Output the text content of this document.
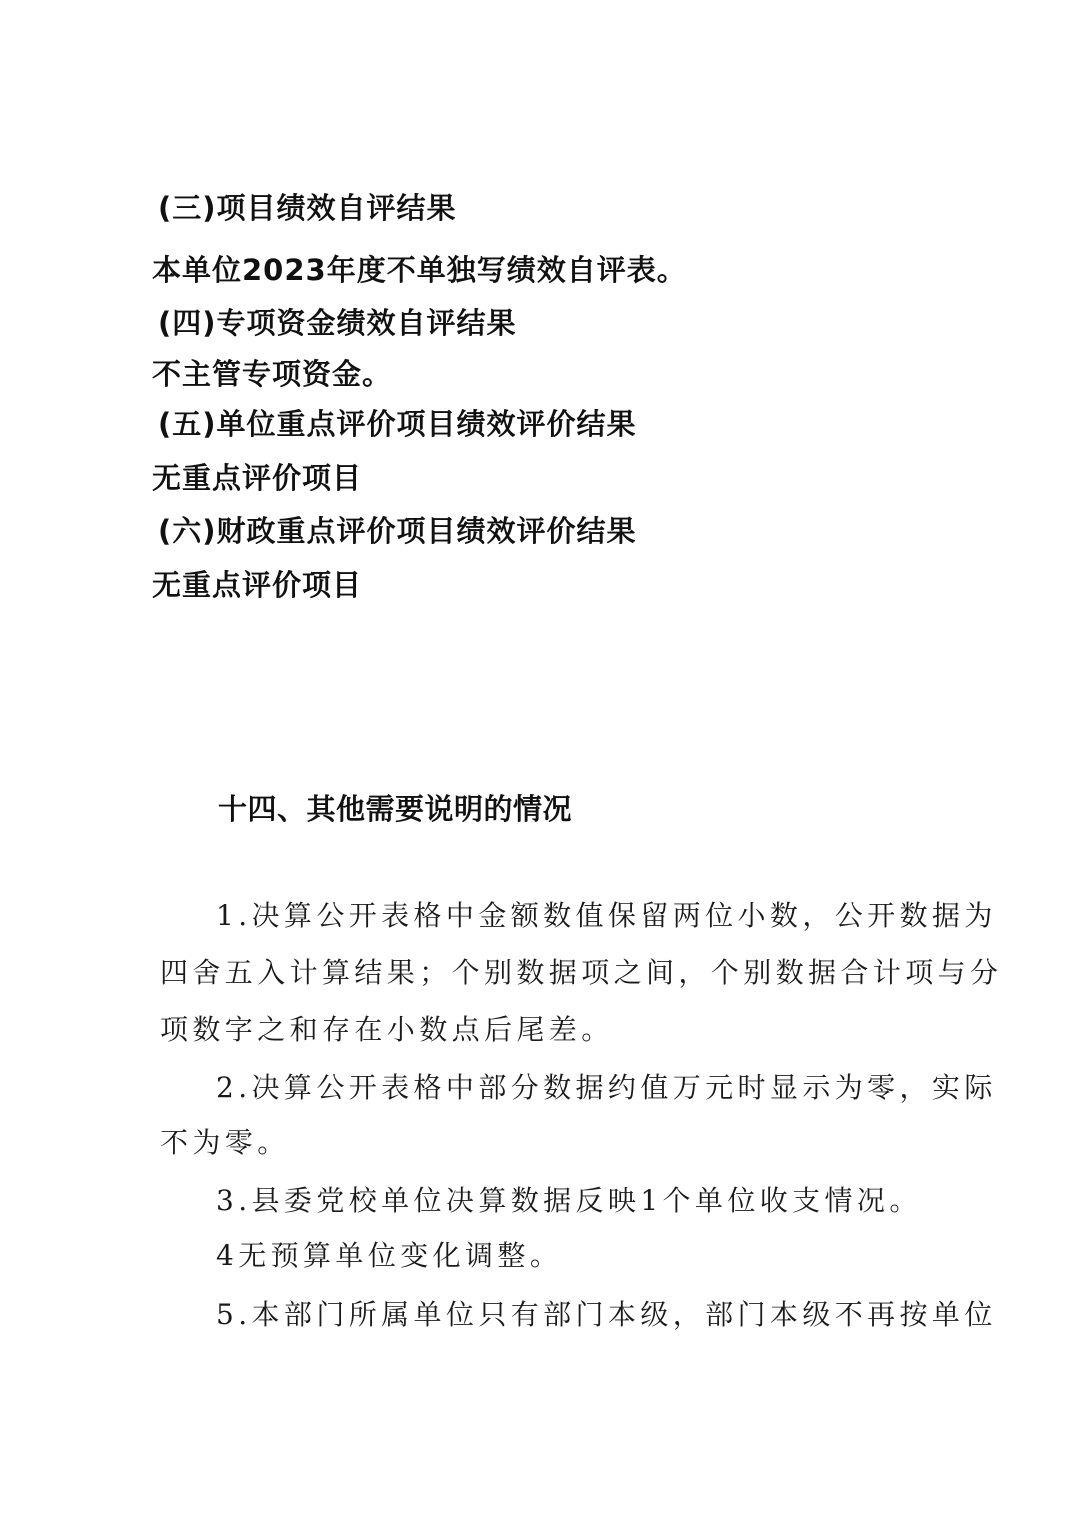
(三)项目绩效自评结果
本单位2023年度不单独写绩效自评表。
(四)专项资金绩效自评结果
不主管专项资金。
(五)单位重点评价项目绩效评价结果
无重点评价项目
(六)财政重点评价项目绩效评价结果
无重点评价项目
十四、其他需要说明的情况
1.决算公开表格中金额数值保留两位小数，公开数据为
四舍五入计算结果；个别数据项之间，个别数据合计项与分
项数字之和存在小数点后尾差。
2.决算公开表格中部分数据约值万元时显示为零，实际
不为零。
3.县委党校单位决算数据反映1个单位收支情况。
4无预算单位变化调整。
5.本部门所属单位只有部门本级，部门本级不再按单位
